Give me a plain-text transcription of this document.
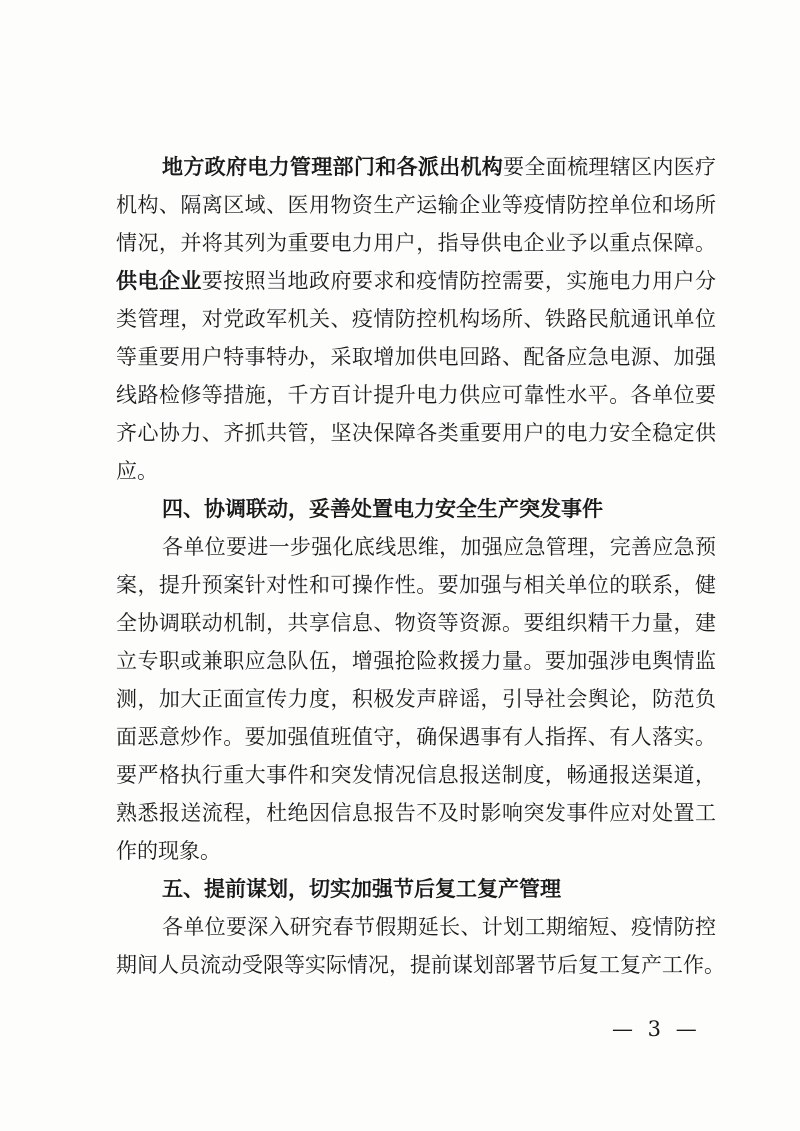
地方政府电力管理部门和各派出机构要全面梳理辖区内医疗
机构、隔离区域、医用物资生产运输企业等疫情防控单位和场所
情况，并将其列为重要电力用户，指导供电企业予以重点保障。
供电企业要按照当地政府要求和疫情防控需要，实施电力用户分
类管理，对党政军机关、疫情防控机构场所、铁路民航通讯单位
等重要用户特事特办，采取增加供电回路、配备应急电源、加强
线路检修等措施，千方百计提升电力供应可靠性水平。各单位要
齐心协力、齐抓共管，坚决保障各类重要用户的电力安全稳定供
应。
四、协调联动，妥善处置电力安全生产突发事件
各单位要进一步强化底线思维，加强应急管理，完善应急预
案，提升预案针对性和可操作性。要加强与相关单位的联系，健
全协调联动机制，共享信息、物资等资源。要组织精干力量，建
立专职或兼职应急队伍，增强抢险救援力量。要加强涉电舆情监
测，加大正面宣传力度，积极发声辟谣，引导社会舆论，防范负
面恶意炒作。要加强值班值守，确保遇事有人指挥、有人落实。
要严格执行重大事件和突发情况信息报送制度，畅通报送渠道，
熟悉报送流程，杜绝因信息报告不及时影响突发事件应对处置工
作的现象。
五、提前谋划，切实加强节后复工复产管理
各单位要深入研究春节假期延长、计划工期缩短、疫情防控
期间人员流动受限等实际情况，提前谋划部署节后复工复产工作。
— 3 —
